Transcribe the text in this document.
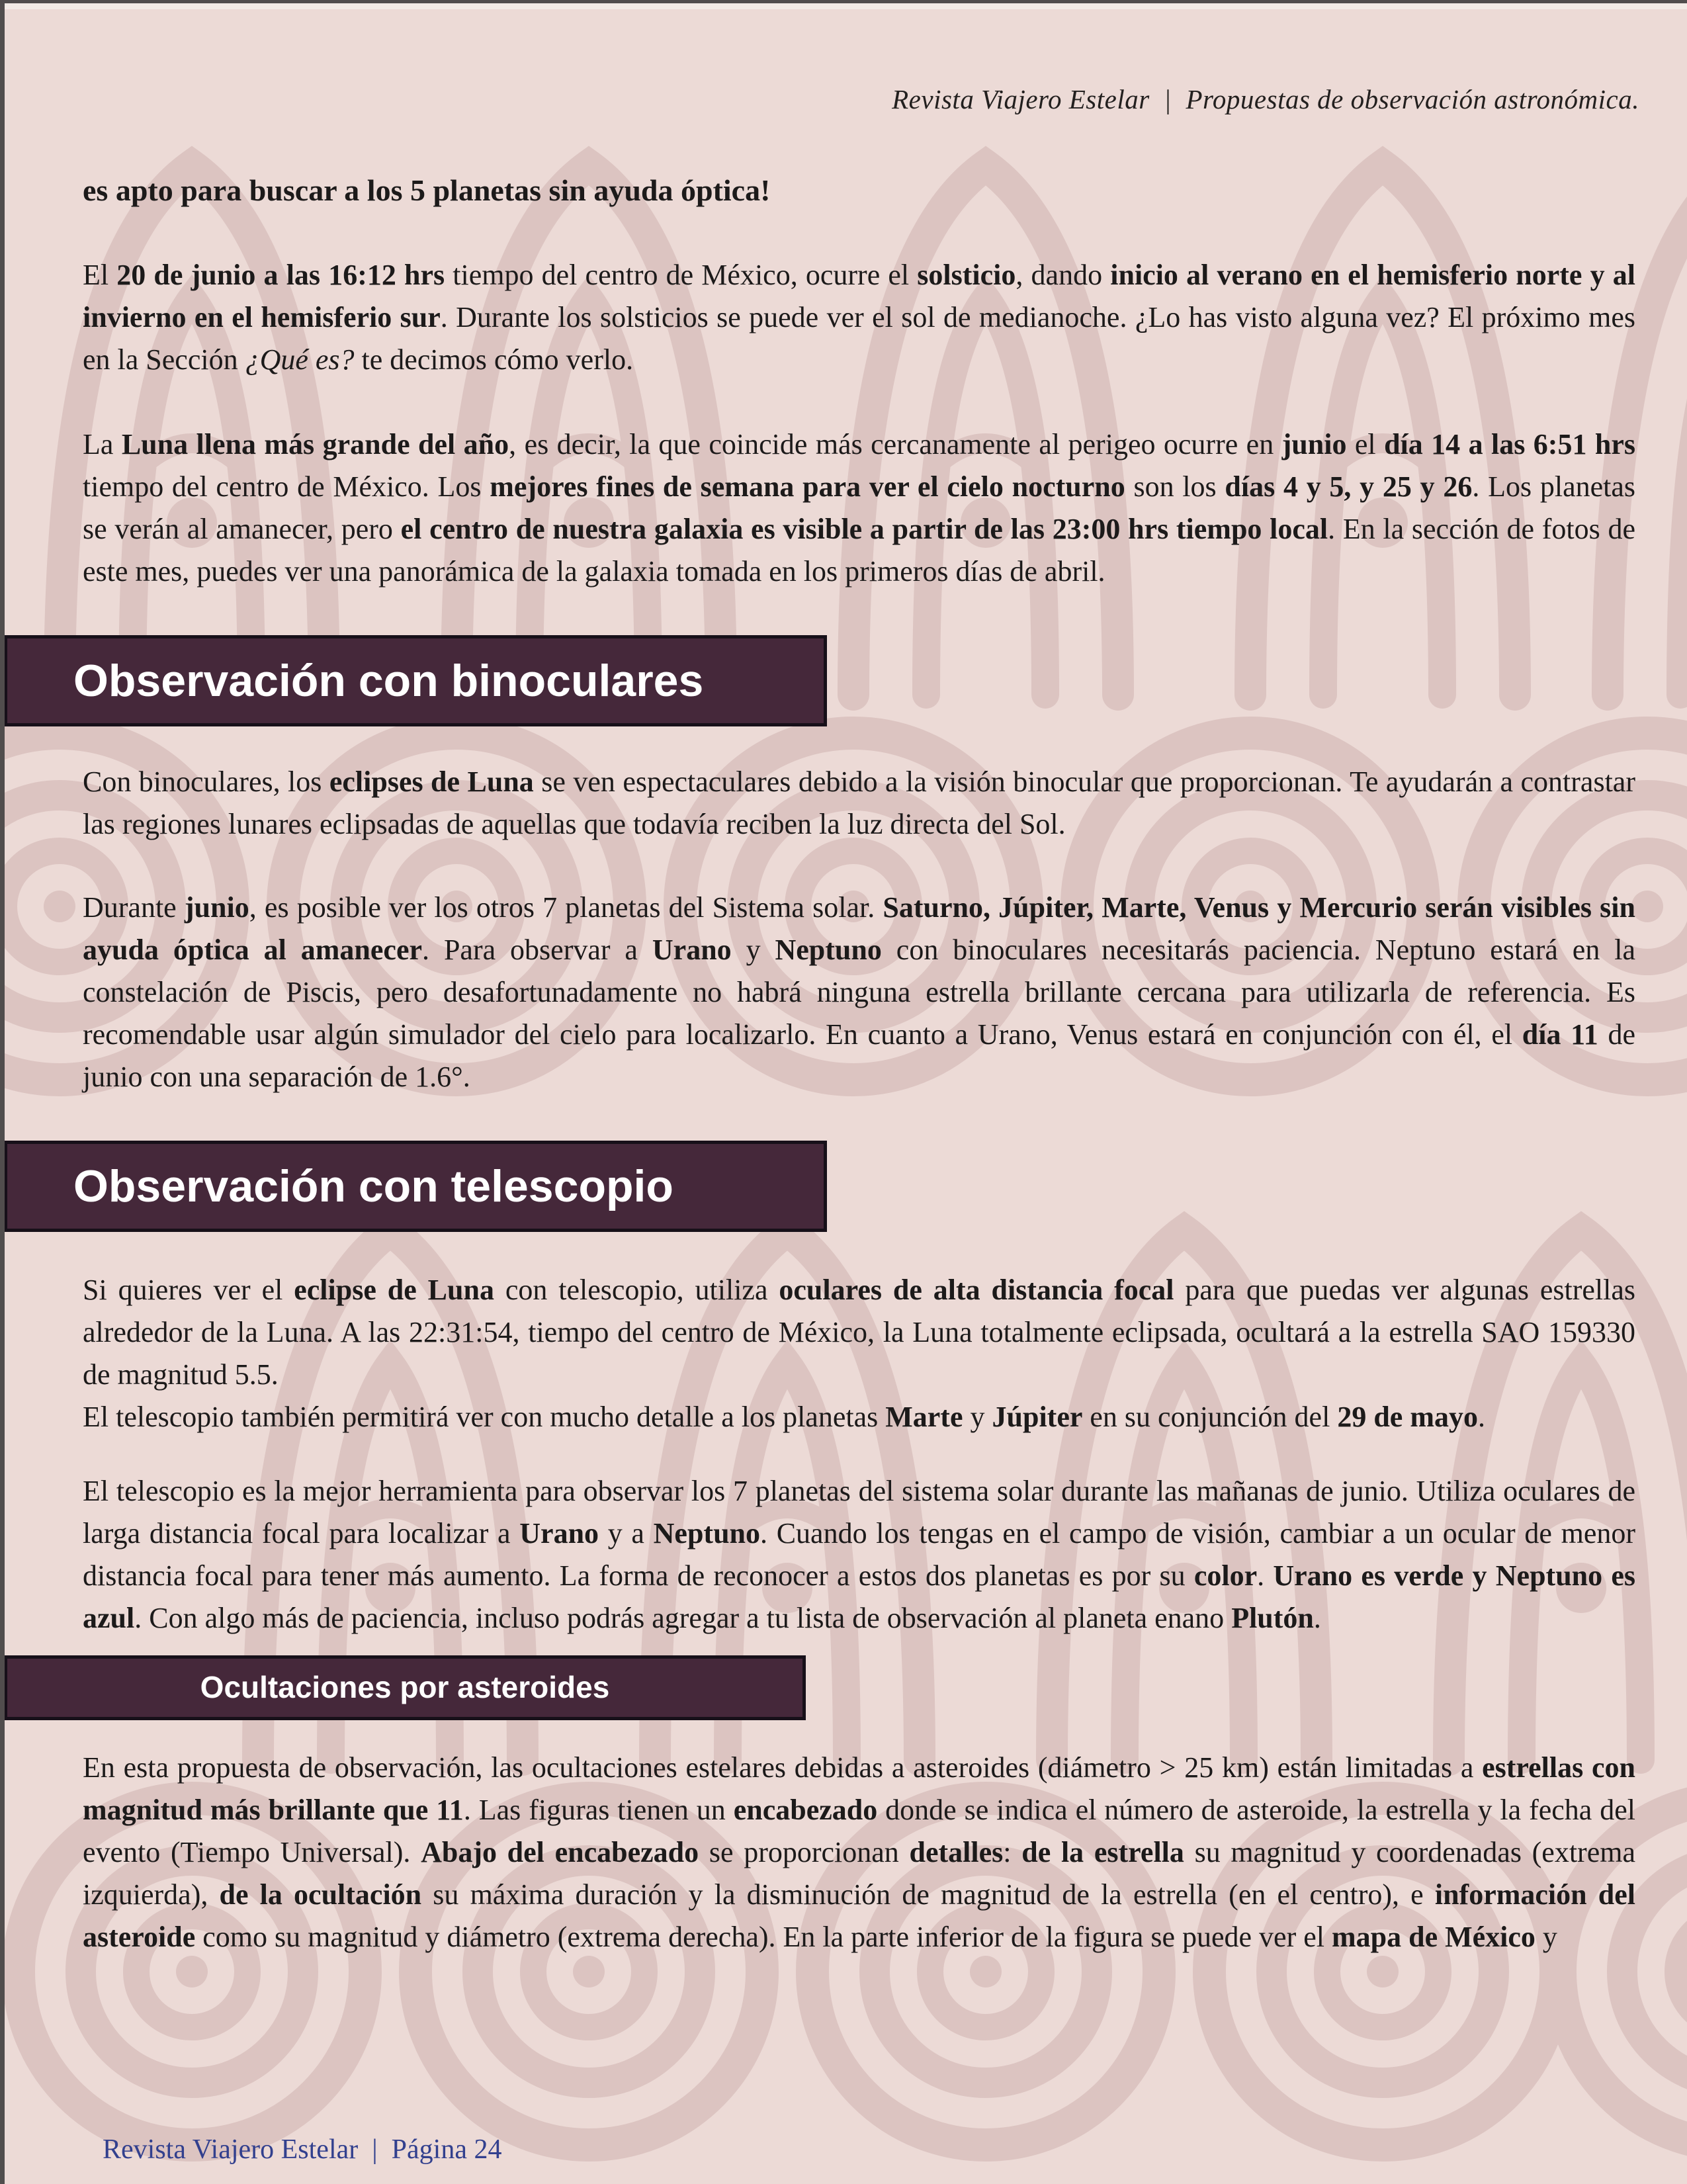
Revista Viajero Estelar  |  Propuestas de observación astronómica.

es apto para buscar a los 5 planetas sin ayuda óptica!

El 20 de junio a las 16:12 hrs tiempo del centro de México, ocurre el solsticio, dando inicio al verano en el hemisferio norte y al invierno en el hemisferio sur. Durante los solsticios se puede ver el sol de medianoche. ¿Lo has visto alguna vez? El próximo mes en la Sección ¿Qué es? te decimos cómo verlo.

La Luna llena más grande del año, es decir, la que coincide más cercanamente al perigeo ocurre en junio el día 14 a las 6:51 hrs tiempo del centro de México. Los mejores fines de semana para ver el cielo nocturno son los días 4 y 5, y 25 y 26. Los planetas se verán al amanecer, pero el centro de nuestra galaxia es visible a partir de las 23:00 hrs tiempo local. En la sección de fotos de este mes, puedes ver una panorámica de la galaxia tomada en los primeros días de abril.

Observación con binoculares

Con binoculares, los eclipses de Luna se ven espectaculares debido a la visión binocular que proporcionan. Te ayudarán a contrastar las regiones lunares eclipsadas de aquellas que todavía reciben la luz directa del Sol.

Durante junio, es posible ver los otros 7 planetas del Sistema solar. Saturno, Júpiter, Marte, Venus y Mercurio serán visibles sin ayuda óptica al amanecer. Para observar a Urano y Neptuno con binoculares necesitarás paciencia. Neptuno estará en la constelación de Piscis, pero desafortunadamente no habrá ninguna estrella brillante cercana para utilizarla de referencia. Es recomendable usar algún simulador del cielo para localizarlo. En cuanto a Urano, Venus estará en conjunción con él, el día 11 de junio con una separación de 1.6°.

Observación con telescopio

Si quieres ver el eclipse de Luna con telescopio, utiliza oculares de alta distancia focal para que puedas ver algunas estrellas alrededor de la Luna. A las 22:31:54, tiempo del centro de México, la Luna totalmente eclipsada, ocultará a la estrella SAO 159330 de magnitud 5.5.
El telescopio también permitirá ver con mucho detalle a los planetas Marte y Júpiter en su conjunción del 29 de mayo.

El telescopio es la mejor herramienta para observar los 7 planetas del sistema solar durante las mañanas de junio. Utiliza oculares de larga distancia focal para localizar a Urano y a Neptuno. Cuando los tengas en el campo de visión, cambiar a un ocular de menor distancia focal para tener más aumento. La forma de reconocer a estos dos planetas es por su color. Urano es verde y Neptuno es azul. Con algo más de paciencia, incluso podrás agregar a tu lista de observación al planeta enano Plutón.

Ocultaciones por asteroides

En esta propuesta de observación, las ocultaciones estelares debidas a asteroides (diámetro > 25 km) están limitadas a estrellas con magnitud más brillante que 11. Las figuras tienen un encabezado donde se indica el número de asteroide, la estrella y la fecha del evento (Tiempo Universal). Abajo del encabezado se proporcionan detalles: de la estrella su magnitud y coordenadas (extrema izquierda), de la ocultación su máxima duración y la disminución de magnitud de la estrella (en el centro), e información del asteroide como su magnitud y diámetro (extrema derecha). En la parte inferior de la figura se puede ver el mapa de México y

Revista Viajero Estelar  |  Página 24
